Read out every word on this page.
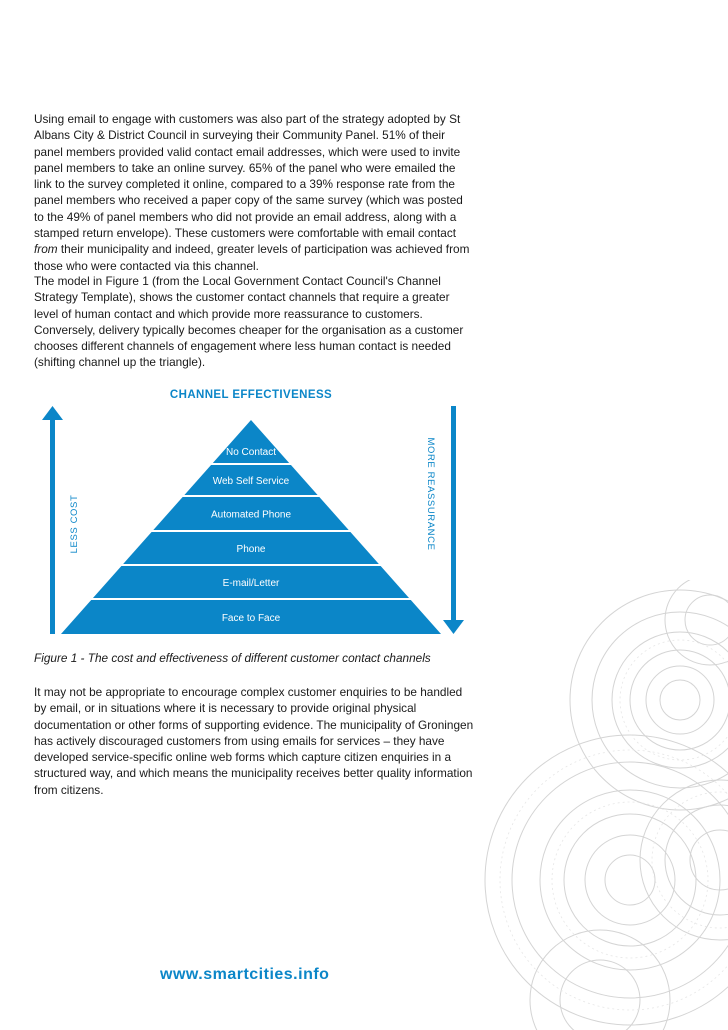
Using email to engage with customers was also part of the strategy adopted by St Albans City & District Council in surveying their Community Panel. 51% of their panel members provided valid contact email addresses, which were used to invite panel members to take an online survey. 65% of the panel who were emailed the link to the survey completed it online, compared to a 39% response rate from the panel members who received a paper copy of the same survey (which was posted to the 49% of panel members who did not provide an email address, along with a stamped return envelope). These customers were comfortable with email contact from their municipality and indeed, greater levels of participation was achieved from those who were contacted via this channel.

The model in Figure 1 (from the Local Government Contact Council's Channel Strategy Template), shows the customer contact channels that require a greater level of human contact and which provide more reassurance to customers. Conversely, delivery typically becomes cheaper for the organisation as a customer chooses different channels of engagement where less human contact is needed (shifting channel up the triangle).

CHANNEL EFFECTIVENESS
LESS COST	MORE REASSURANCE
No Contact
Web Self Service
Automated Phone
Phone
E-mail/Letter
Face to Face

Figure 1 - The cost and effectiveness of different customer contact channels

It may not be appropriate to encourage complex customer enquiries to be handled by email, or in situations where it is necessary to provide original physical documentation or other forms of supporting evidence. The municipality of Groningen has actively discouraged customers from using emails for services – they have developed service-specific online web forms which capture citizen enquiries in a structured way, and which means the municipality receives better quality information from citizens.

www.smartcities.info
